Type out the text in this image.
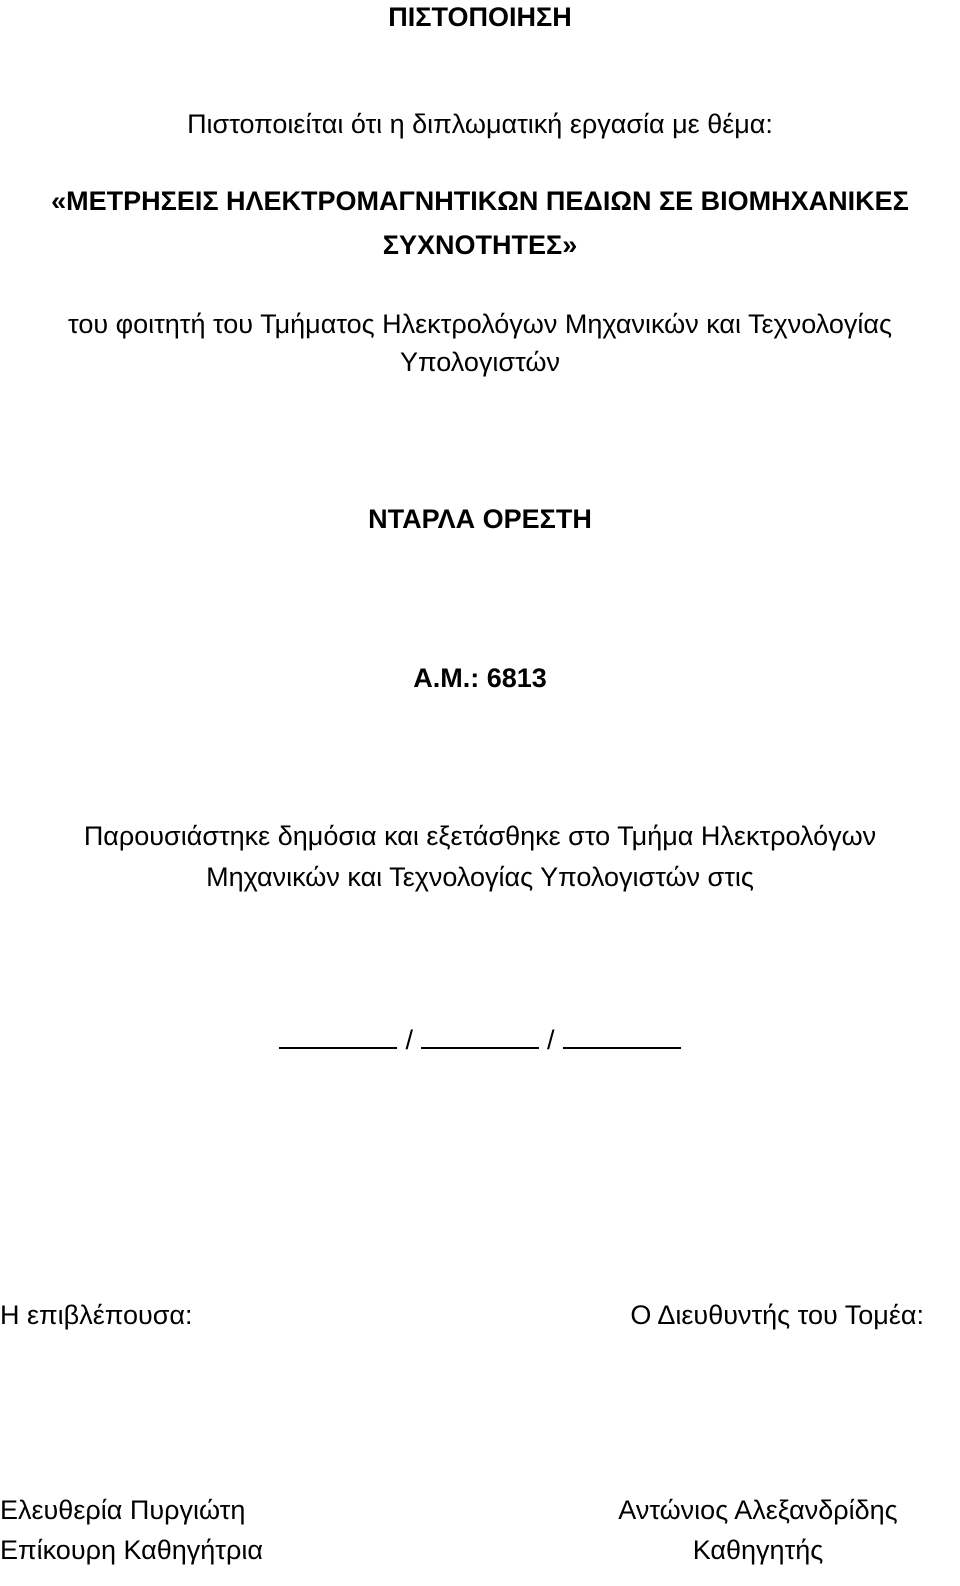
ΠΙΣΤΟΠΟΙΗΣΗ
Πιστοποιείται ότι η διπλωματική εργασία με θέμα:
«ΜΕΤΡΗΣΕΙΣ ΗΛΕΚΤΡΟΜΑΓΝΗΤΙΚΩΝ ΠΕΔΙΩΝ ΣΕ ΒΙΟΜΗΧΑΝΙΚΕΣ
ΣΥΧΝΟΤΗΤΕΣ»
του φοιτητή του Τμήματος Ηλεκτρολόγων Μηχανικών και Τεχνολογίας
Υπολογιστών
ΝΤΑΡΛΑ ΟΡΕΣΤΗ
Α.Μ.: 6813
Παρουσιάστηκε δημόσια και εξετάσθηκε στο Τμήμα Ηλεκτρολόγων
Μηχανικών και Τεχνολογίας Υπολογιστών στις
/	/
Η επιβλέπουσα:	Ο Διευθυντής του Τομέα:
Ελευθερία Πυργιώτη
Επίκουρη Καθηγήτρια
Αντώνιος Αλεξανδρίδης
Καθηγητής
